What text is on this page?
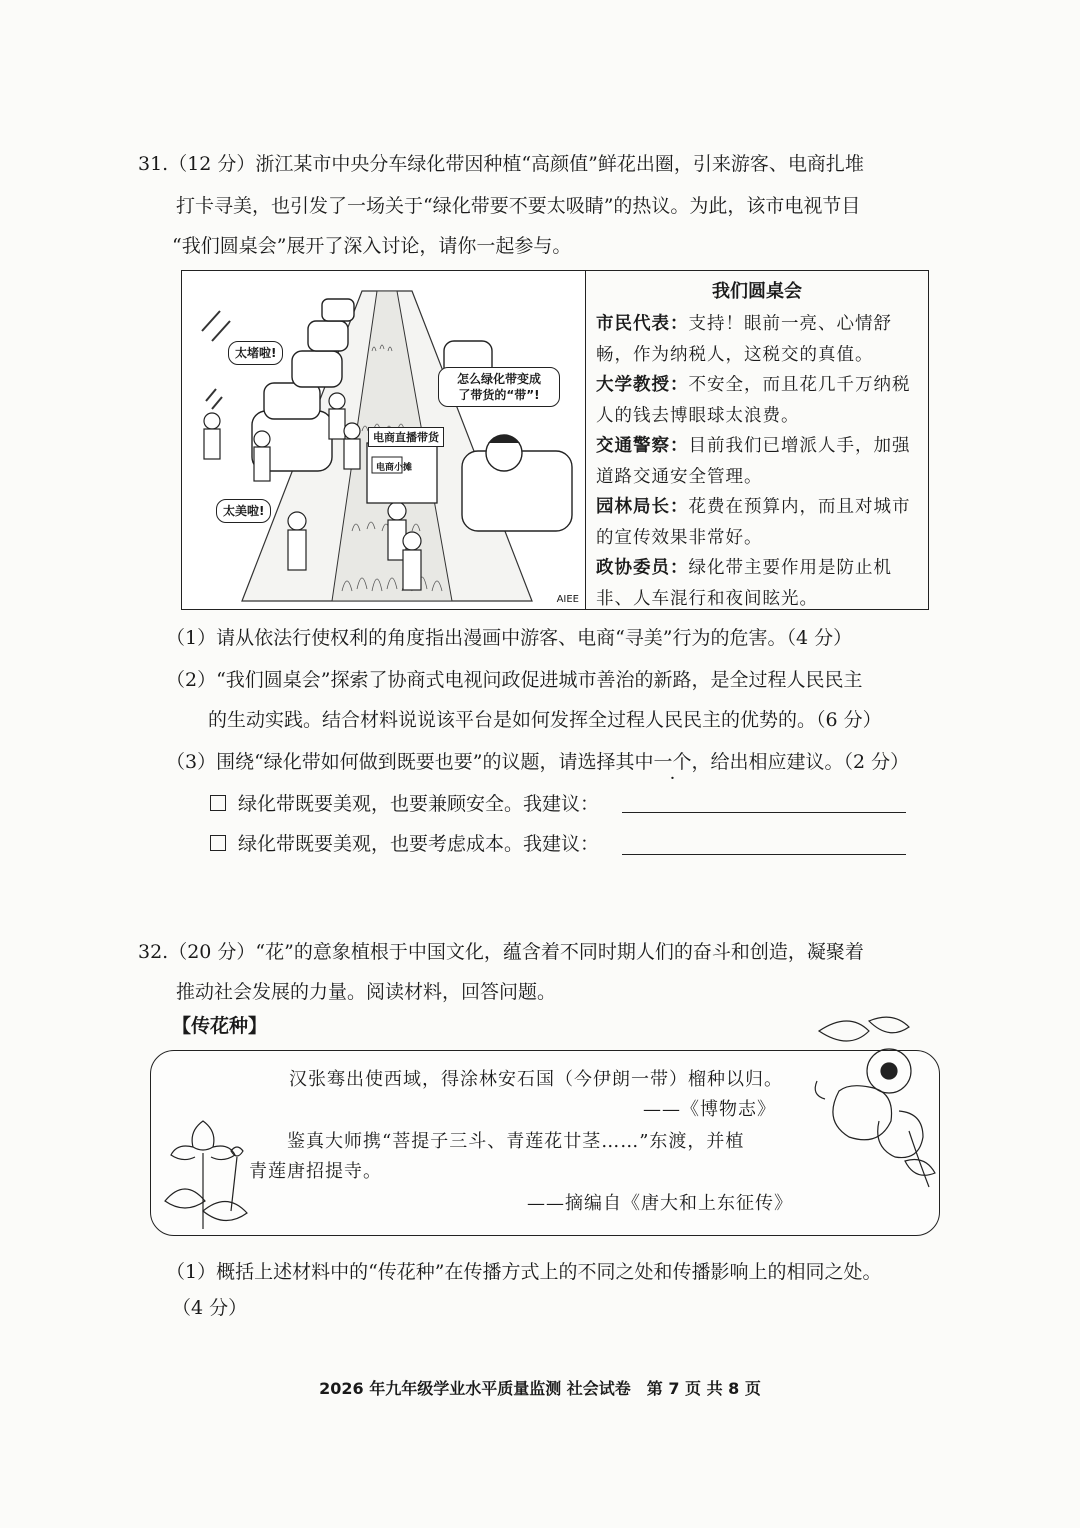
31.（12 分）浙江某市中央分车绿化带因种植“高颜值”鲜花出圈，引来游客、电商扎堆
打卡寻美，也引发了一场关于“绿化带要不要太吸睛”的热议。为此，该市电视节目
“我们圆桌会”展开了深入讨论，请你一起参与。
太堵啦!
怎么绿化带变成
了带货的“带”!
太美啦!
电商直播带货
电商小摊
AIEE
我们圆桌会
市民代表：支持！眼前一亮、心情舒畅，作为纳税人，这税交的真值。
大学教授：不安全，而且花几千万纳税人的钱去博眼球太浪费。
交通警察：目前我们已增派人手，加强道路交通安全管理。
园林局长：花费在预算内，而且对城市的宣传效果非常好。
政协委员：绿化带主要作用是防止机非、人车混行和夜间眩光。
（1）请从依法行使权利的角度指出漫画中游客、电商“寻美”行为的危害。（4 分）
（2）“我们圆桌会”探索了协商式电视问政促进城市善治的新路，是全过程人民民主
的生动实践。结合材料说说该平台是如何发挥全过程人民民主的优势的。（6 分）
（3）围绕“绿化带如何做到既要也要”的议题，请选择其中一个，给出相应建议。（2 分）
绿化带既要美观，也要兼顾安全。我建议：
绿化带既要美观，也要考虑成本。我建议：
32.（20 分）“花”的意象植根于中国文化，蕴含着不同时期人们的奋斗和创造，凝聚着
推动社会发展的力量。阅读材料，回答问题。
【传花种】
汉张骞出使西域，得涂林安石国（今伊朗一带）榴种以归。
——《博物志》
鉴真大师携“菩提子三斗、青莲花廿茎……”东渡，并植
青莲唐招提寺。
——摘编自《唐大和上东征传》
（1）概括上述材料中的“传花种”在传播方式上的不同之处和传播影响上的相同之处。
（4 分）
2026 年九年级学业水平质量监测 社会试卷　第 7 页 共 8 页
